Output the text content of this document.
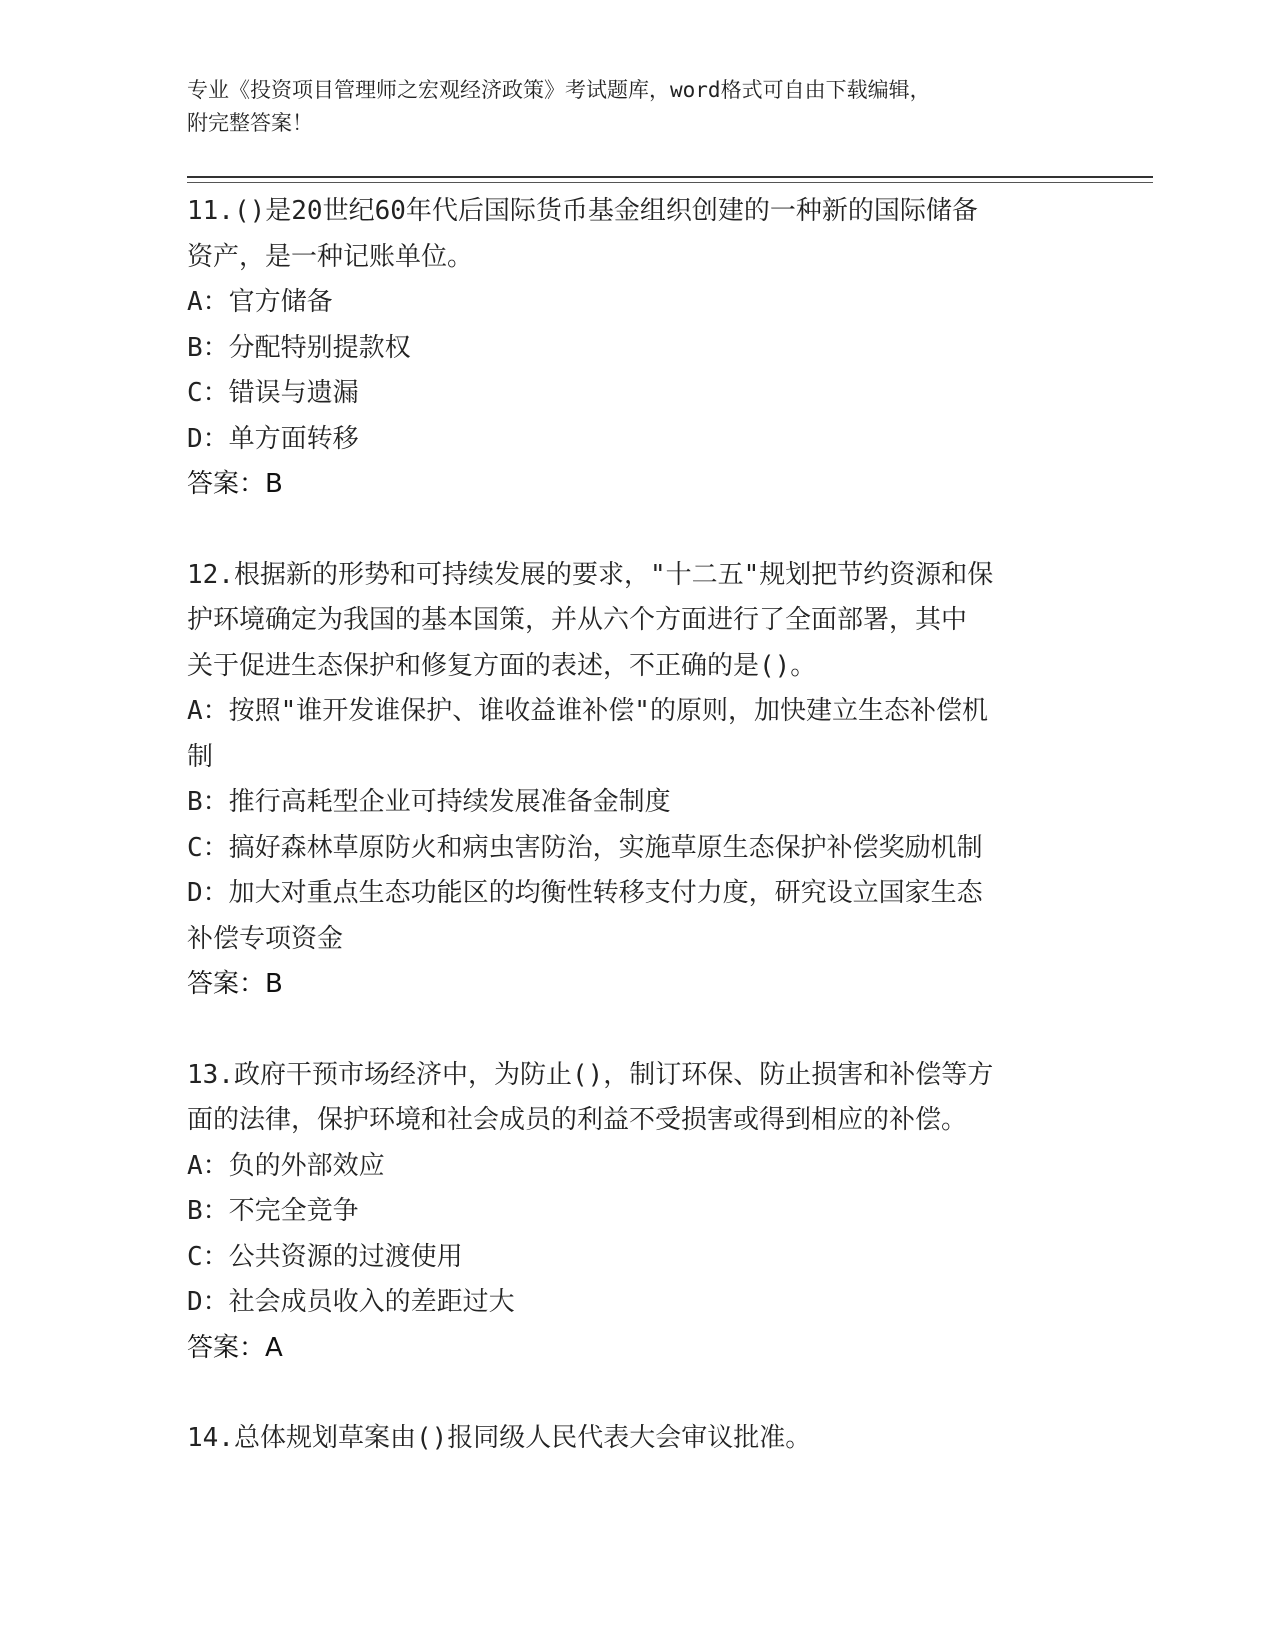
专业《投资项目管理师之宏观经济政策》考试题库，word格式可自由下载编辑，
附完整答案！
11.()是20世纪60年代后国际货币基金组织创建的一种新的国际储备
资产，是一种记账单位。
A：官方储备
B：分配特别提款权
C：错误与遗漏
D：单方面转移
答案：B
12.根据新的形势和可持续发展的要求，"十二五"规划把节约资源和保
护环境确定为我国的基本国策，并从六个方面进行了全面部署，其中
关于促进生态保护和修复方面的表述，不正确的是()。
A：按照"谁开发谁保护、谁收益谁补偿"的原则，加快建立生态补偿机
制
B：推行高耗型企业可持续发展准备金制度
C：搞好森林草原防火和病虫害防治，实施草原生态保护补偿奖励机制
D：加大对重点生态功能区的均衡性转移支付力度，研究设立国家生态
补偿专项资金
答案：B
13.政府干预市场经济中，为防止()，制订环保、防止损害和补偿等方
面的法律，保护环境和社会成员的利益不受损害或得到相应的补偿。
A：负的外部效应
B：不完全竞争
C：公共资源的过渡使用
D：社会成员收入的差距过大
答案：A
14.总体规划草案由()报同级人民代表大会审议批准。
